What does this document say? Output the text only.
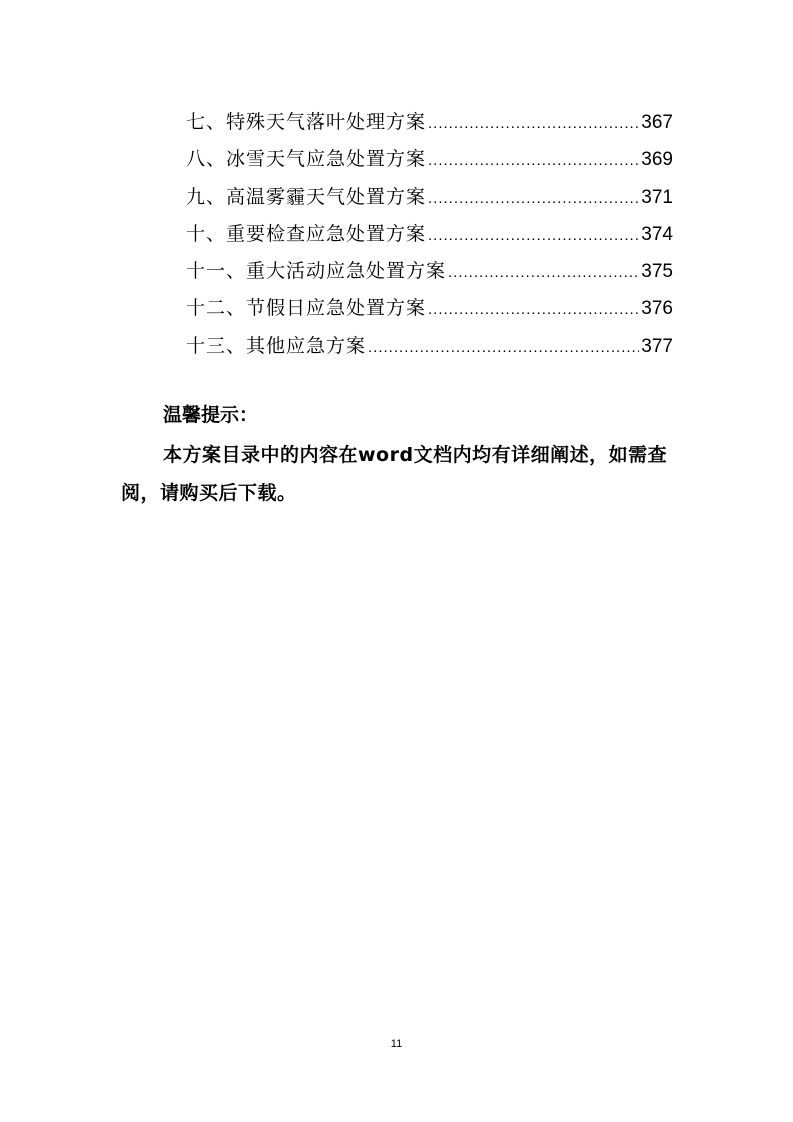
七、特殊天气落叶处理方案 .....	367
八、冰雪天气应急处置方案 .....	369
九、高温雾霾天气处置方案 .....	371
十、重要检查应急处置方案 .....	374
十一、重大活动应急处置方案 .....	375
十二、节假日应急处置方案 .....	376
十三、其他应急方案 .....	377
温馨提示：
本方案目录中的内容在word文档内均有详细阐述，如需查阅，请购买后下载。
11
